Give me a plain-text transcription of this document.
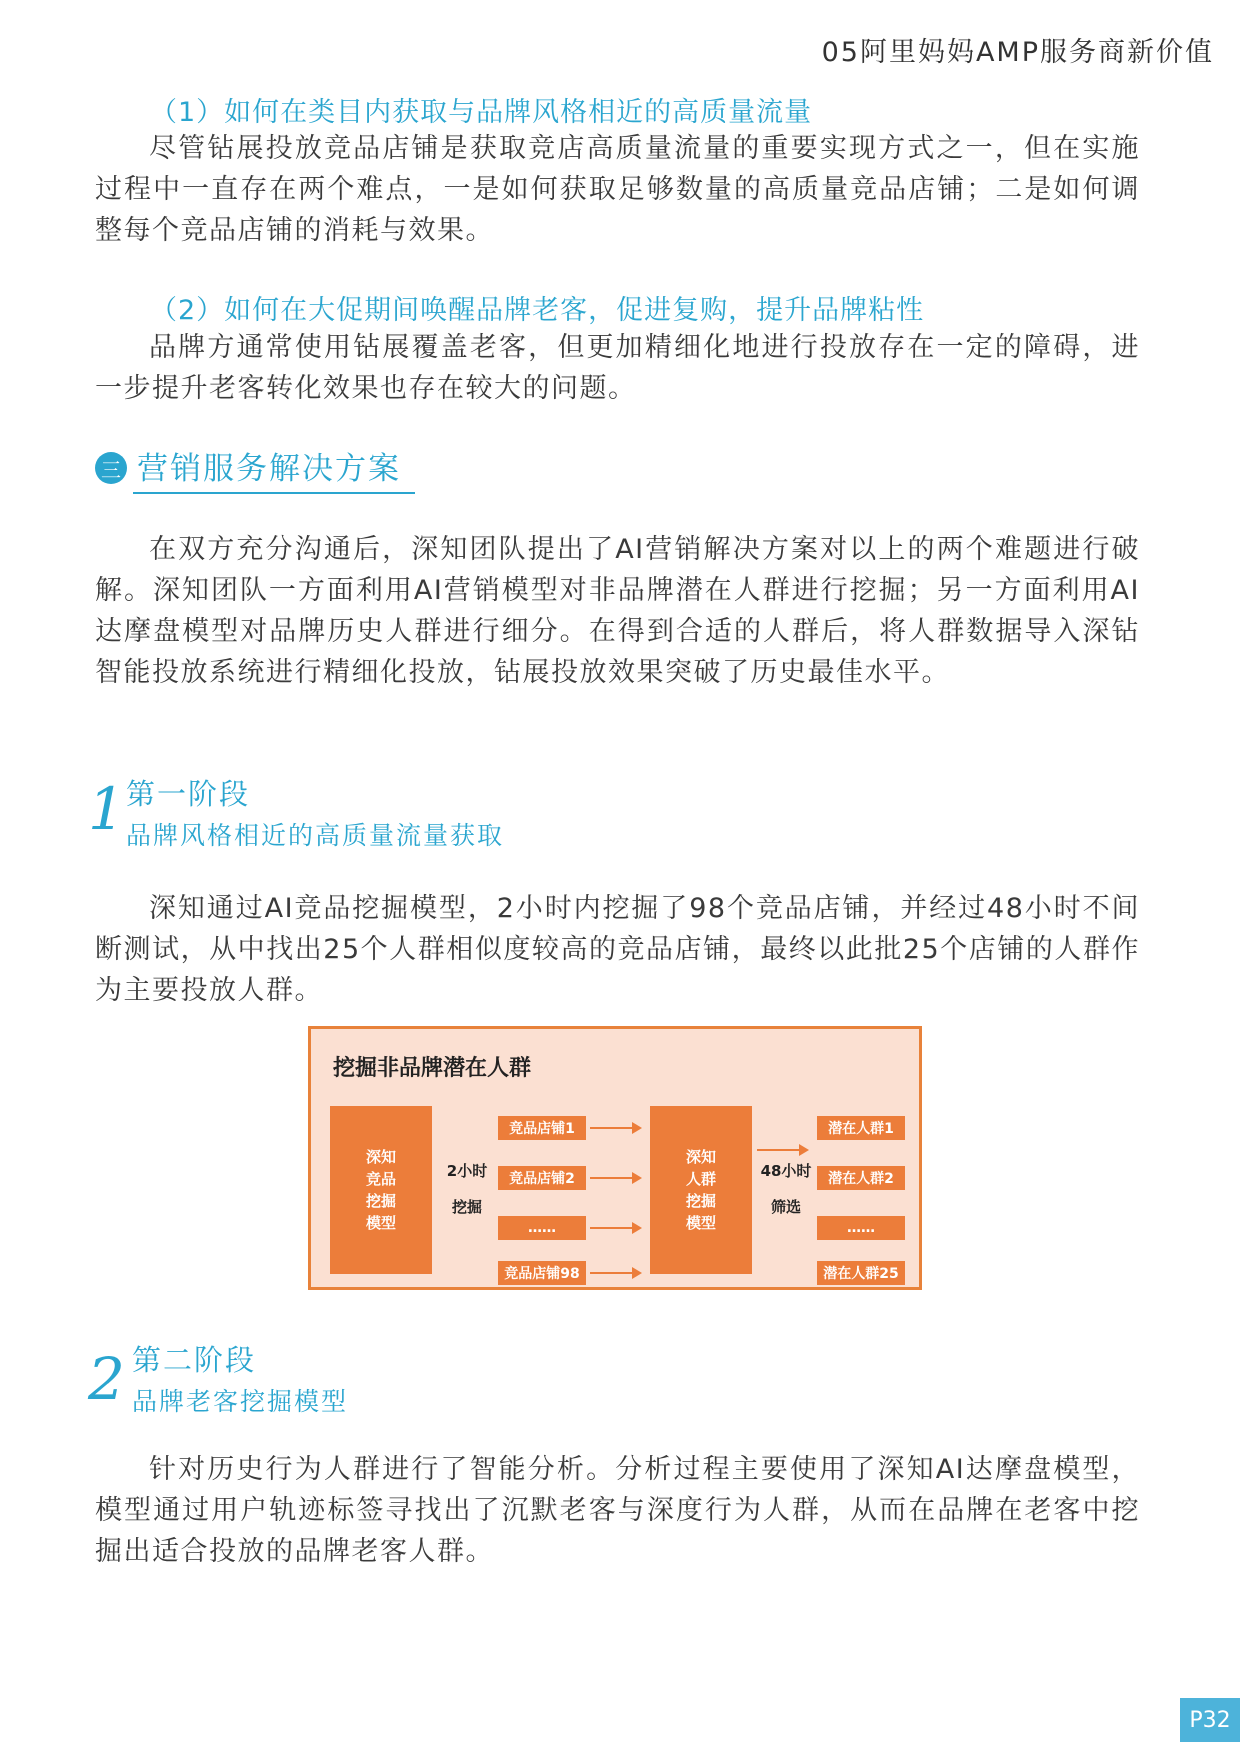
05阿里妈妈AMP服务商新价值
（1）如何在类目内获取与品牌风格相近的高质量流量
尽管钻展投放竞品店铺是获取竞店高质量流量的重要实现方式之一，但在实施过程中一直存在两个难点，一是如何获取足够数量的高质量竞品店铺；二是如何调整每个竞品店铺的消耗与效果。
（2）如何在大促期间唤醒品牌老客，促进复购，提升品牌粘性
品牌方通常使用钻展覆盖老客，但更加精细化地进行投放存在一定的障碍，进一步提升老客转化效果也存在较大的问题。
三 营销服务解决方案
在双方充分沟通后，深知团队提出了AI营销解决方案对以上的两个难题进行破解。深知团队一方面利用AI营销模型对非品牌潜在人群进行挖掘；另一方面利用AI达摩盘模型对品牌历史人群进行细分。在得到合适的人群后，将人群数据导入深钻智能投放系统进行精细化投放，钻展投放效果突破了历史最佳水平。
1 第一阶段
品牌风格相近的高质量流量获取
深知通过AI竞品挖掘模型，2小时内挖掘了98个竞品店铺，并经过48小时不间断测试，从中找出25个人群相似度较高的竞品店铺，最终以此批25个店铺的人群作为主要投放人群。
挖掘非品牌潜在人群
深知
竞品
挖掘
模型
2小时
挖掘
竞品店铺1
竞品店铺2
……
竞品店铺98
深知
人群
挖掘
模型
48小时
筛选
潜在人群1
潜在人群2
……
潜在人群25
2 第二阶段
品牌老客挖掘模型
针对历史行为人群进行了智能分析。分析过程主要使用了深知AI达摩盘模型，模型通过用户轨迹标签寻找出了沉默老客与深度行为人群，从而在品牌在老客中挖掘出适合投放的品牌老客人群。
P32
